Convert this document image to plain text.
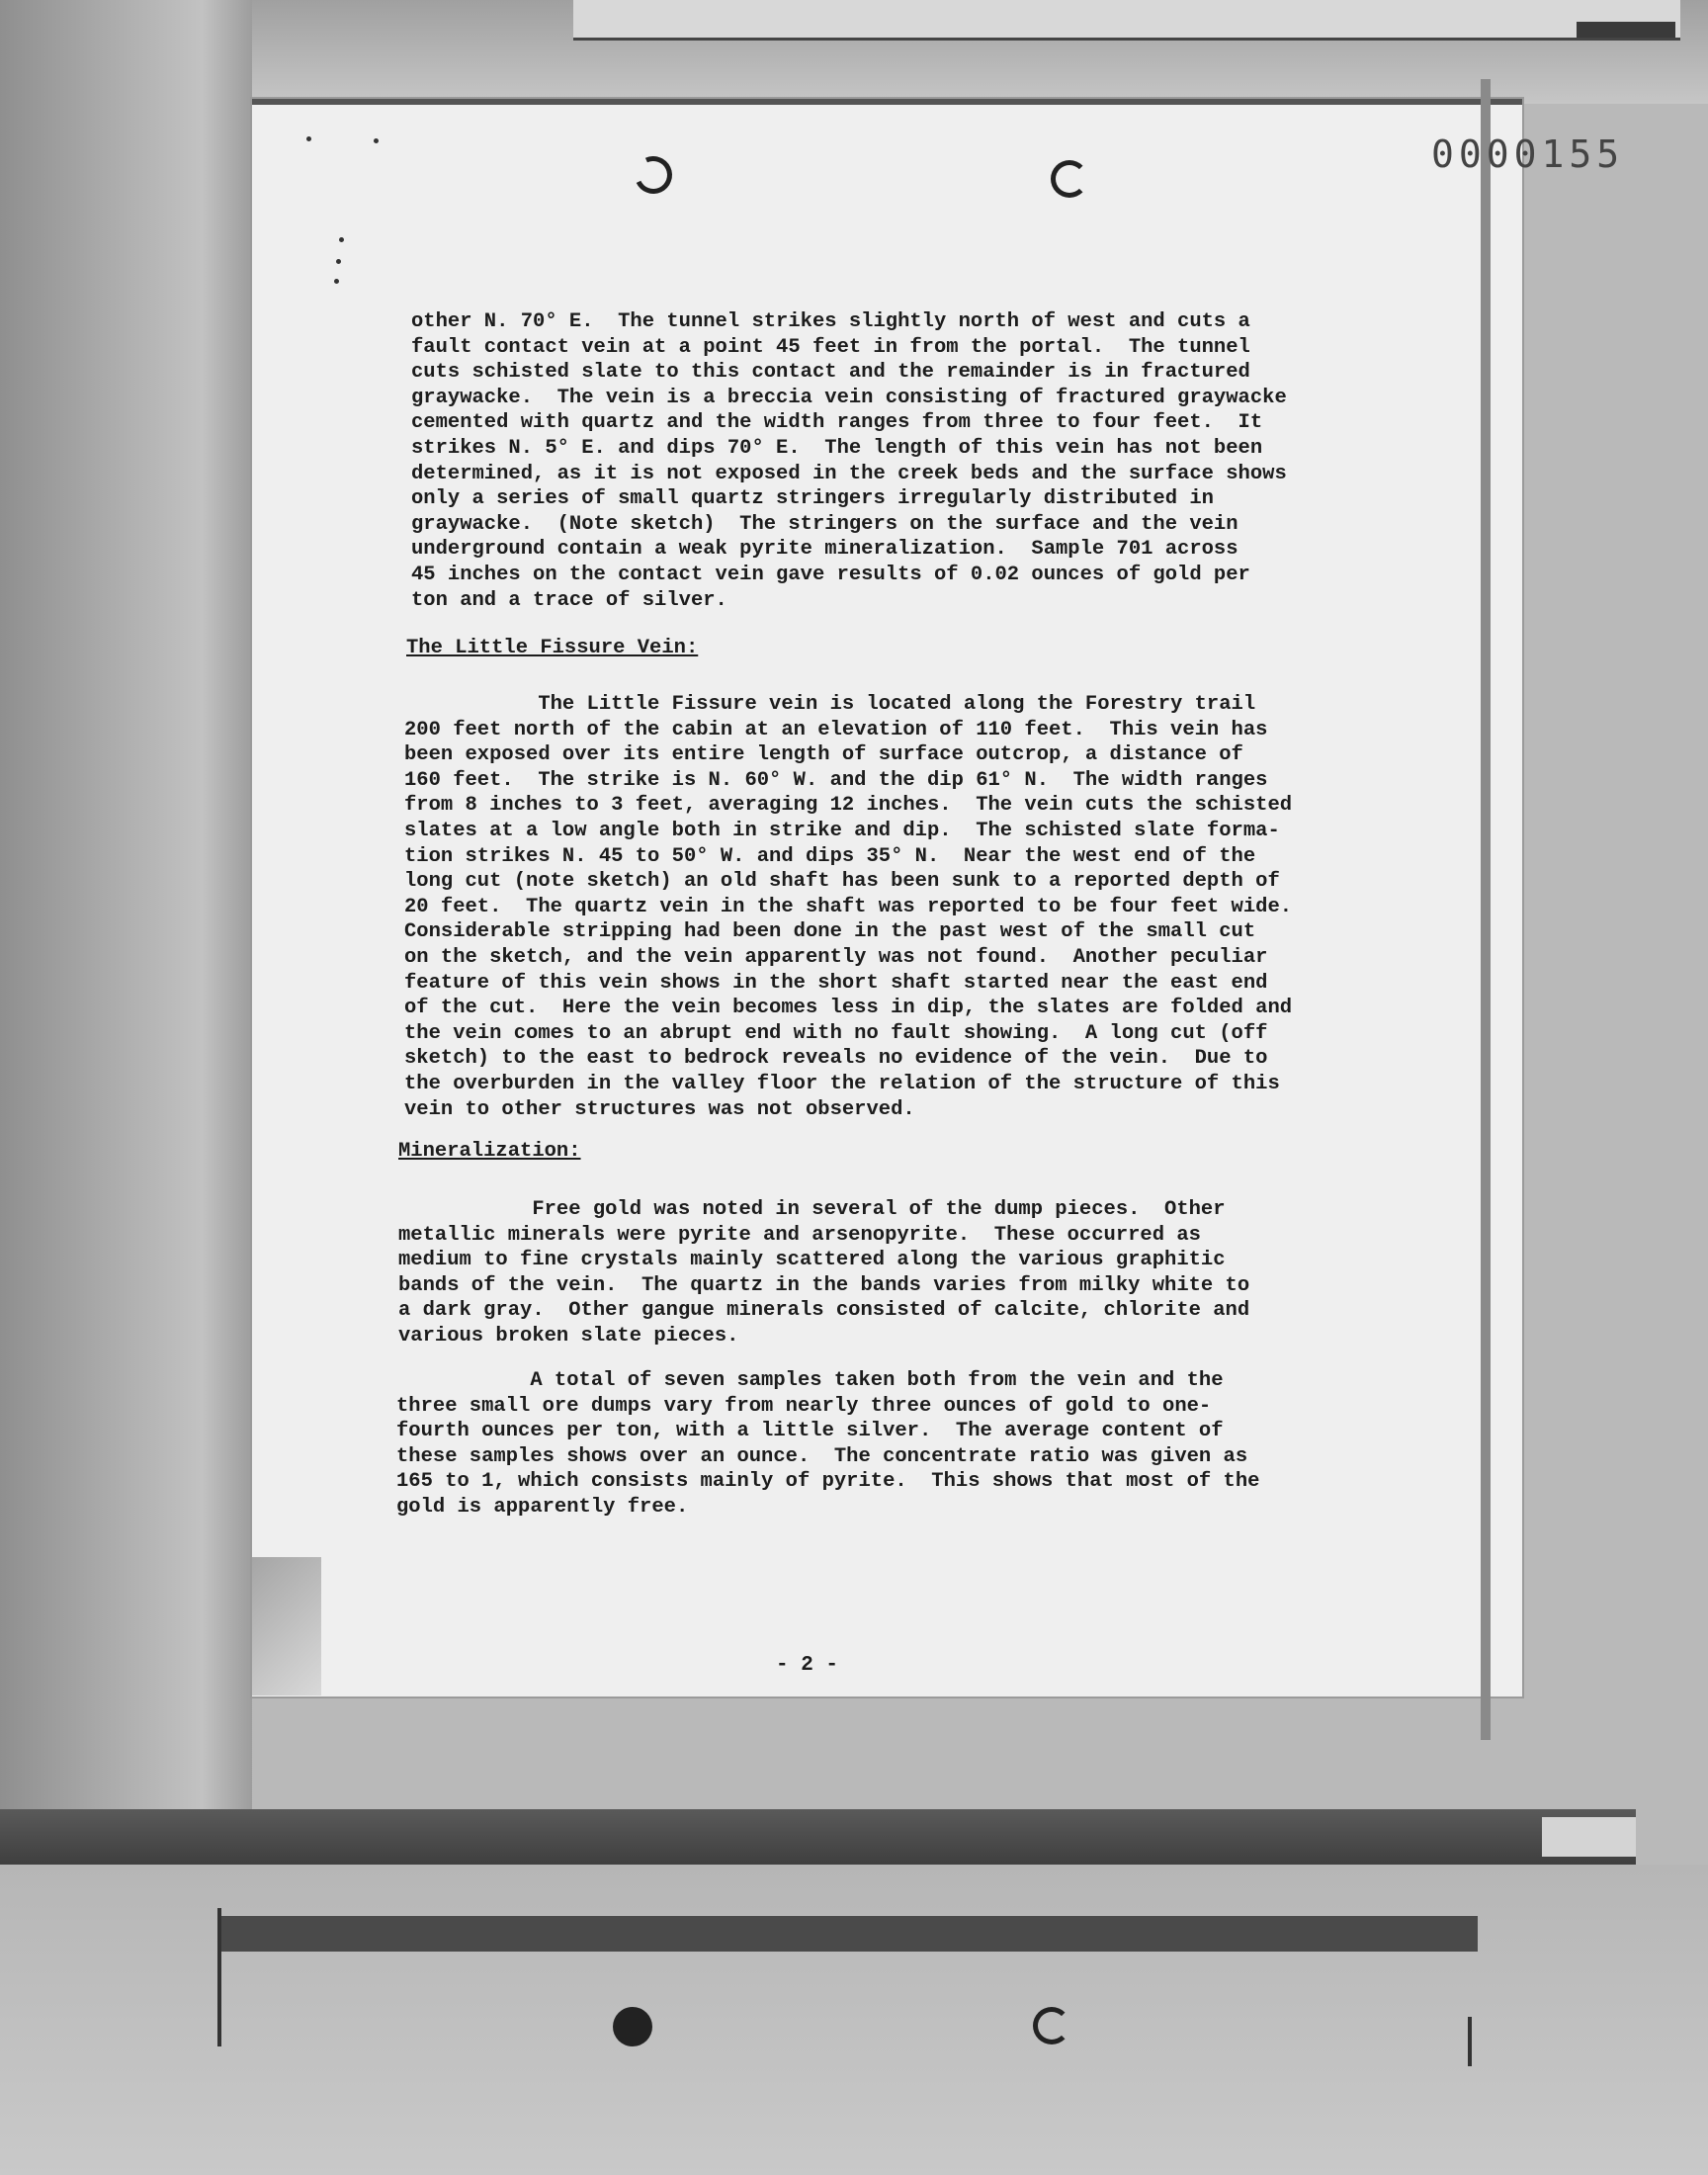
0000155
other N. 70° E.  The tunnel strikes slightly north of west and cuts a
fault contact vein at a point 45 feet in from the portal.  The tunnel
cuts schisted slate to this contact and the remainder is in fractured
graywacke.  The vein is a breccia vein consisting of fractured graywacke
cemented with quartz and the width ranges from three to four feet.  It
strikes N. 5° E. and dips 70° E.  The length of this vein has not been
determined, as it is not exposed in the creek beds and the surface shows
only a series of small quartz stringers irregularly distributed in
graywacke.  (Note sketch)  The stringers on the surface and the vein
underground contain a weak pyrite mineralization.  Sample 701 across
45 inches on the contact vein gave results of 0.02 ounces of gold per
ton and a trace of silver.
The Little Fissure Vein:
The Little Fissure vein is located along the Forestry trail
200 feet north of the cabin at an elevation of 110 feet.  This vein has
been exposed over its entire length of surface outcrop, a distance of
160 feet.  The strike is N. 60° W. and the dip 61° N.  The width ranges
from 8 inches to 3 feet, averaging 12 inches.  The vein cuts the schisted
slates at a low angle both in strike and dip.  The schisted slate forma-
tion strikes N. 45 to 50° W. and dips 35° N.  Near the west end of the
long cut (note sketch) an old shaft has been sunk to a reported depth of
20 feet.  The quartz vein in the shaft was reported to be four feet wide.
Considerable stripping had been done in the past west of the small cut
on the sketch, and the vein apparently was not found.  Another peculiar
feature of this vein shows in the short shaft started near the east end
of the cut.  Here the vein becomes less in dip, the slates are folded and
the vein comes to an abrupt end with no fault showing.  A long cut (off
sketch) to the east to bedrock reveals no evidence of the vein.  Due to
the overburden in the valley floor the relation of the structure of this
vein to other structures was not observed.
Mineralization:
Free gold was noted in several of the dump pieces.  Other
metallic minerals were pyrite and arsenopyrite.  These occurred as
medium to fine crystals mainly scattered along the various graphitic
bands of the vein.  The quartz in the bands varies from milky white to
a dark gray.  Other gangue minerals consisted of calcite, chlorite and
various broken slate pieces.
A total of seven samples taken both from the vein and the
three small ore dumps vary from nearly three ounces of gold to one-
fourth ounces per ton, with a little silver.  The average content of
these samples shows over an ounce.  The concentrate ratio was given as
165 to 1, which consists mainly of pyrite.  This shows that most of the
gold is apparently free.
- 2 -
